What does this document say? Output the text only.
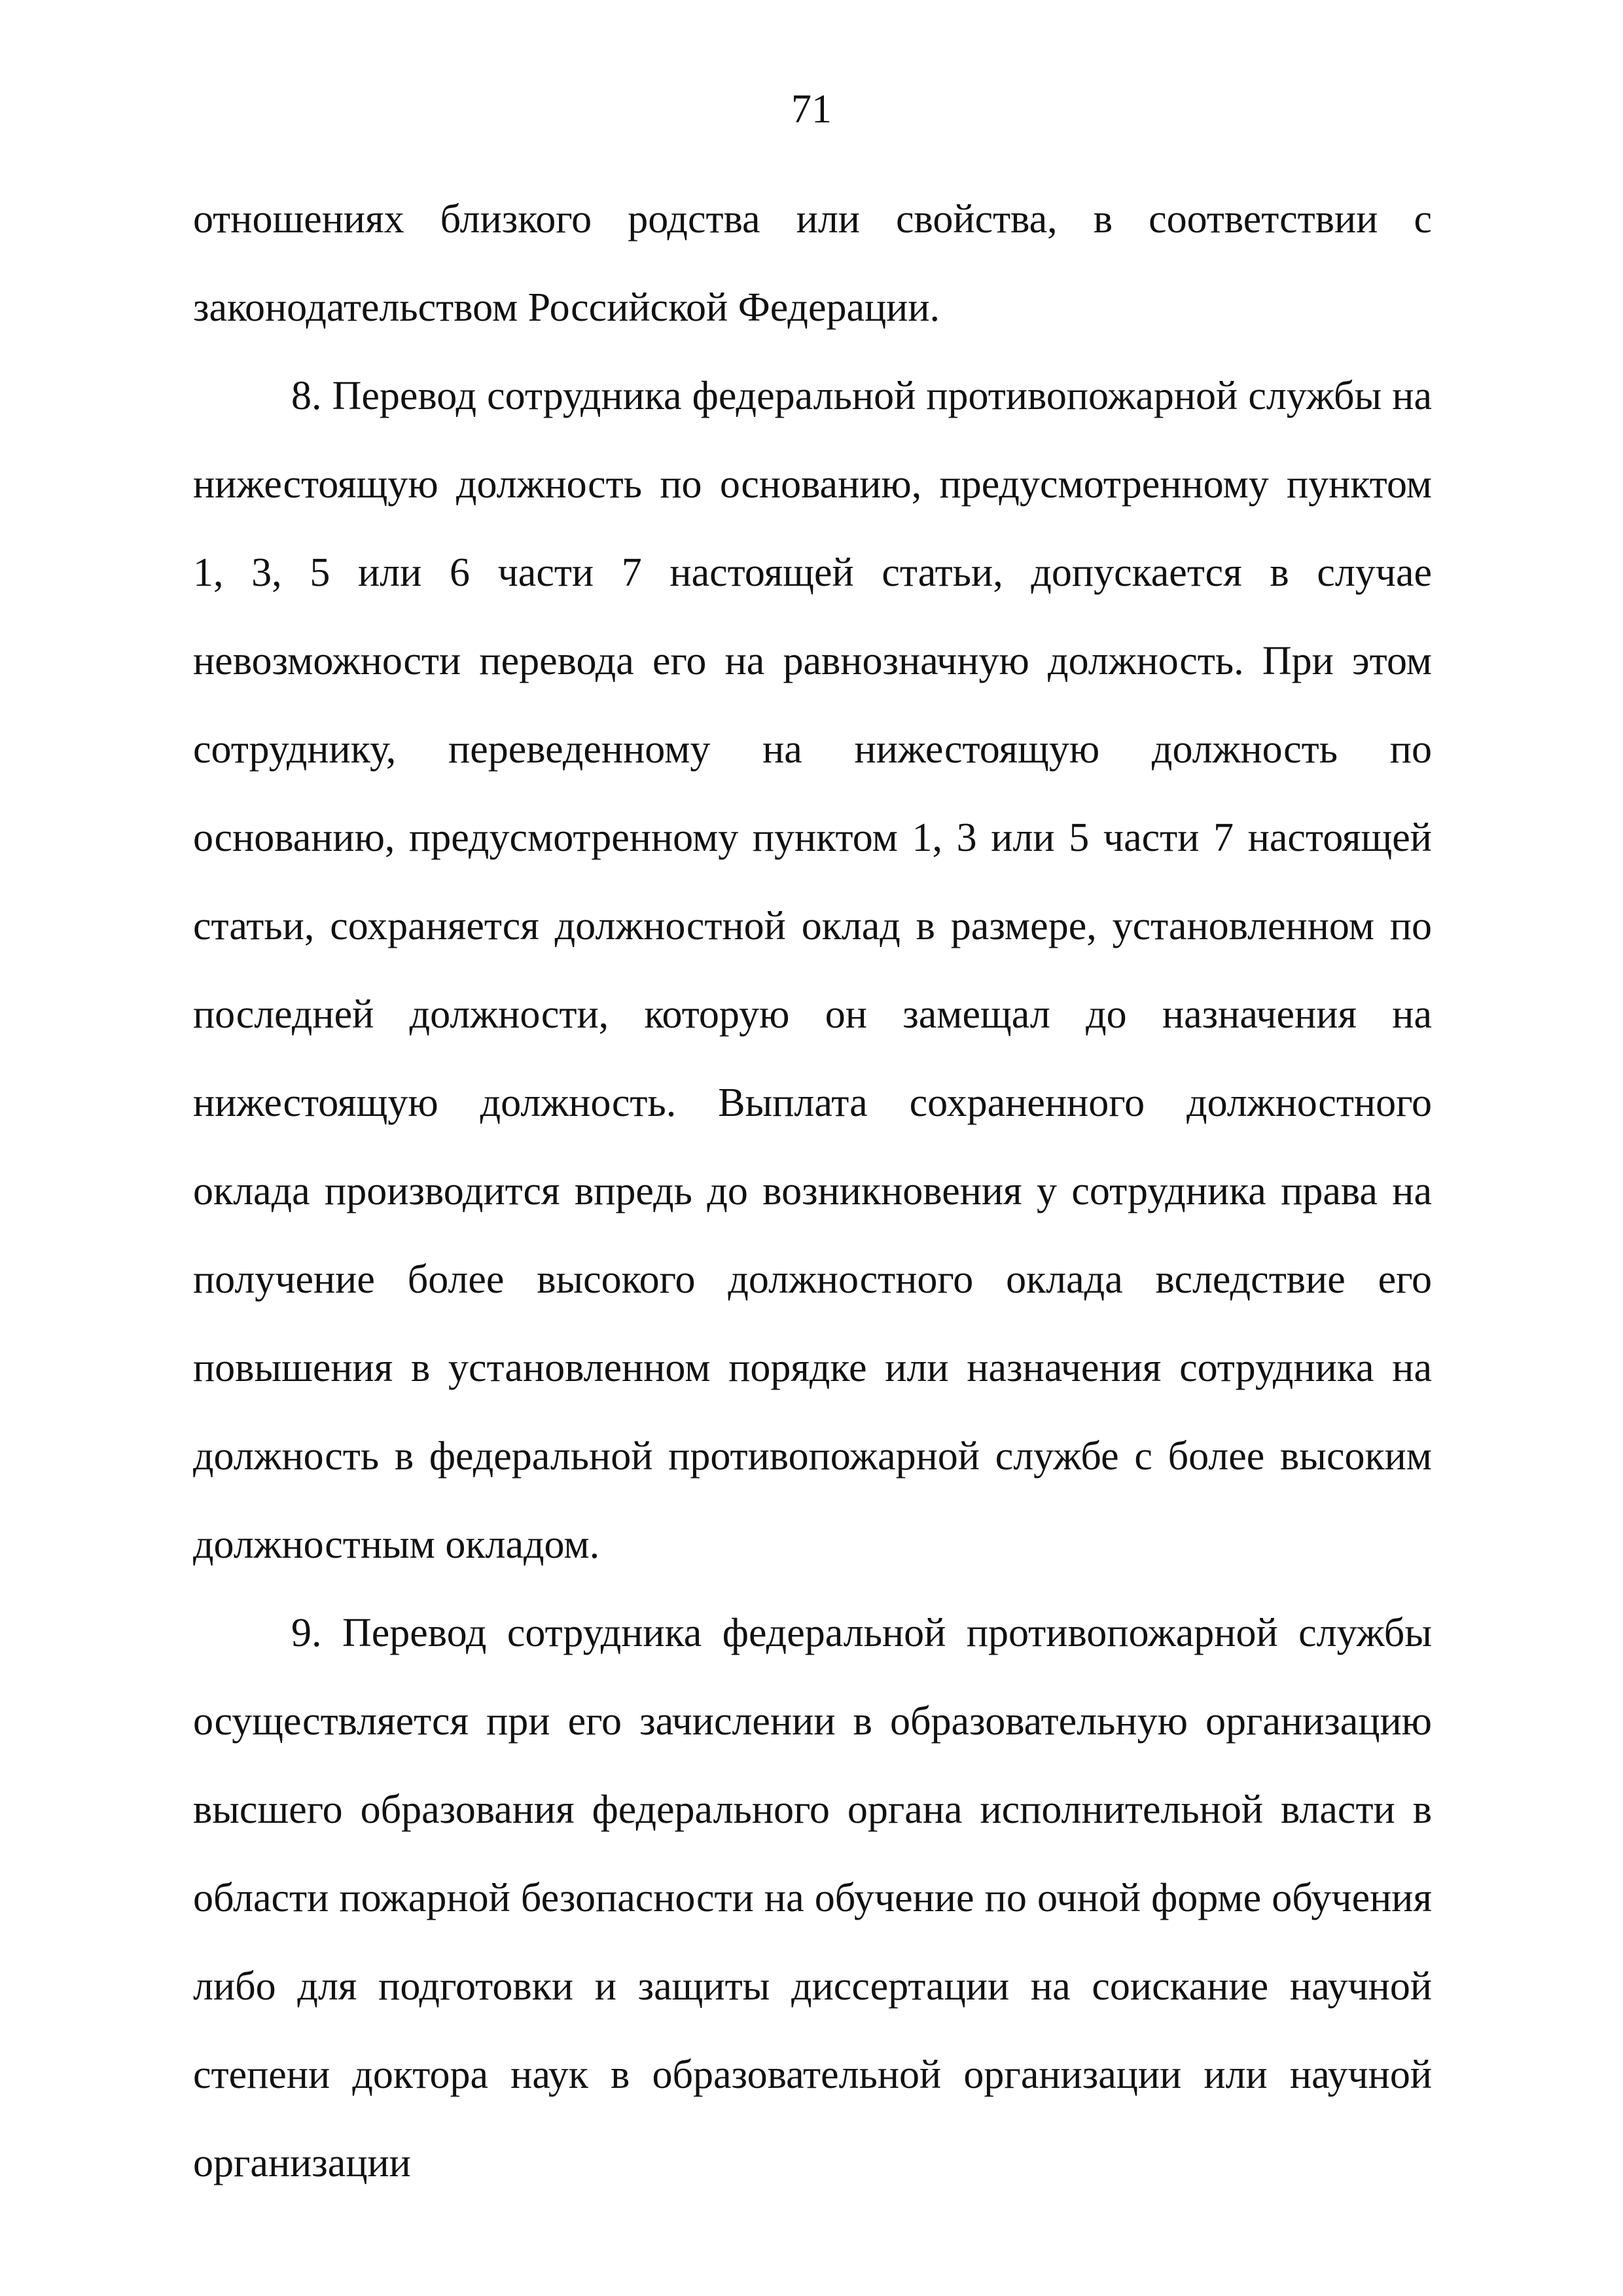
71

отношениях близкого родства или свойства, в соответствии с законодательством Российской Федерации.

8. Перевод сотрудника федеральной противопожарной службы на нижестоящую должность по основанию, предусмотренному пунктом 1, 3, 5 или 6 части 7 настоящей статьи, допускается в случае невозможности перевода его на равнозначную должность. При этом сотруднику, переведенному на нижестоящую должность по основанию, предусмотренному пунктом 1, 3 или 5 части 7 настоящей статьи, сохраняется должностной оклад в размере, установленном по последней должности, которую он замещал до назначения на нижестоящую должность. Выплата сохраненного должностного оклада производится впредь до возникновения у сотрудника права на получение более высокого должностного оклада вследствие его повышения в установленном порядке или назначения сотрудника на должность в федеральной противопожарной службе с более высоким должностным окладом.

9. Перевод сотрудника федеральной противопожарной службы осуществляется при его зачислении в образовательную организацию высшего образования федерального органа исполнительной власти в области пожарной безопасности на обучение по очной форме обучения либо для подготовки и защиты диссертации на соискание научной степени доктора наук в образовательной организации или научной организации
